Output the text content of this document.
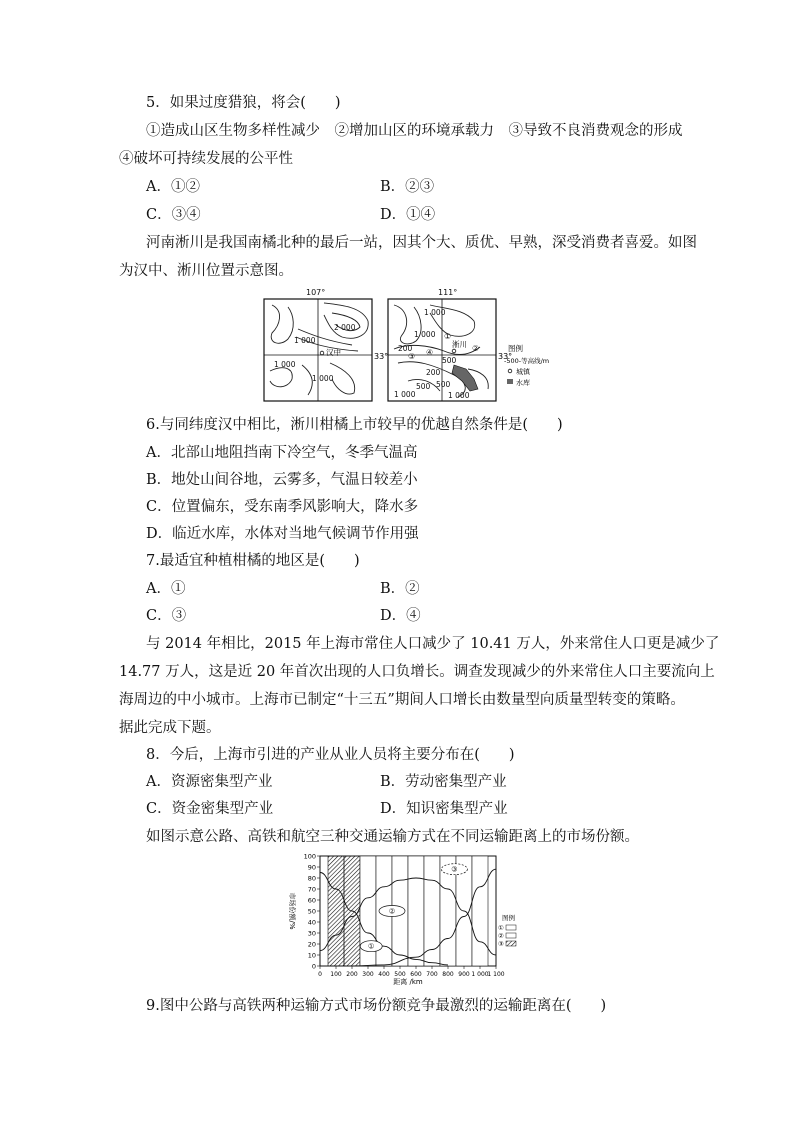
5．如果过度猎狼，将会(　　)
①造成山区生物多样性减少　②增加山区的环境承载力　③导致不良消费观念的形成
④破坏可持续发展的公平性
A．①②	B．②③
C．③④	D．①④
河南淅川是我国南橘北种的最后一站，因其个大、质优、早熟，深受消费者喜爱。如图
为汉中、淅川位置示意图。
107°	111°
2 000
1 000
1 000
1 000
汉中	33°
1 000
1 000
200
500
200
500
500
1 000	1 000
淅川
①
②
③ ④	33°
图例
-500-等高线/m
城镇
水库
6.与同纬度汉中相比，淅川柑橘上市较早的优越自然条件是(　　)
A．北部山地阻挡南下冷空气，冬季气温高
B．地处山间谷地，云雾多，气温日较差小
C．位置偏东，受东南季风影响大，降水多
D．临近水库，水体对当地气候调节作用强
7.最适宜种植柑橘的地区是(　　)
A．①	B．②
C．③	D．④
与 2014 年相比，2015 年上海市常住人口减少了 10.41 万人，外来常住人口更是减少了
14.77 万人，这是近 20 年首次出现的人口负增长。调查发现减少的外来常住人口主要流向上
海周边的中小城市。上海市已制定“十三五”期间人口增长由数量型向质量型转变的策略。
据此完成下题。
8．今后，上海市引进的产业从业人员将主要分布在(　　)
A．资源密集型产业	B．劳动密集型产业
C．资金密集型产业	D．知识密集型产业
如图示意公路、高铁和航空三种交通运输方式在不同运输距离上的市场份额。
市场份额/%
距离 /km
图例
①
②
③
0
10
20
30
40
50
60
70
80
90
100
0 100 200 300 400 500 600 700 800 900 1 000
1 100
①
②
③
9.图中公路与高铁两种运输方式市场份额竞争最激烈的运输距离在(　　)
